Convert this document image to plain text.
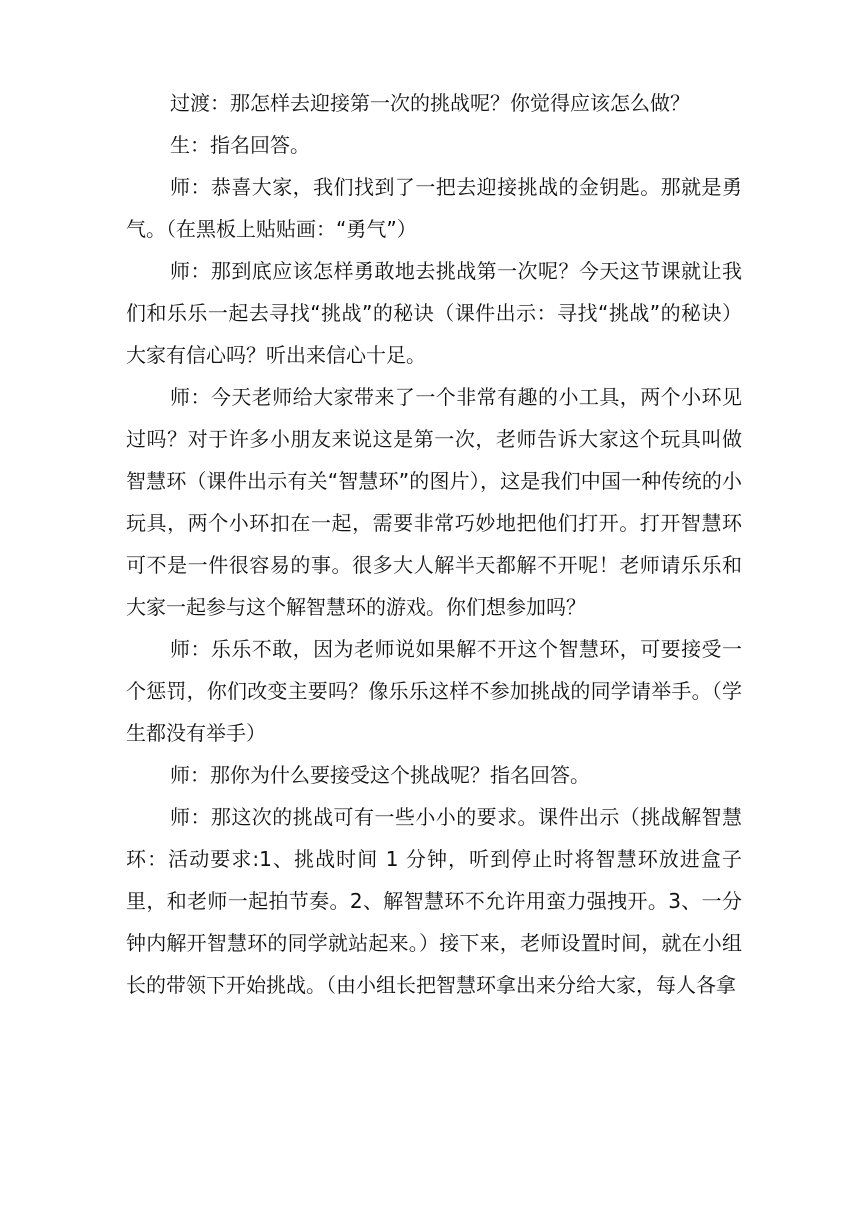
过渡：那怎样去迎接第一次的挑战呢？你觉得应该怎么做？

生：指名回答。

师：恭喜大家，我们找到了一把去迎接挑战的金钥匙。那就是勇气。（在黑板上贴贴画：“勇气”）

师：那到底应该怎样勇敢地去挑战第一次呢？今天这节课就让我们和乐乐一起去寻找“挑战”的秘诀（课件出示：寻找“挑战”的秘诀）大家有信心吗？听出来信心十足。

师：今天老师给大家带来了一个非常有趣的小工具，两个小环见过吗？对于许多小朋友来说这是第一次，老师告诉大家这个玩具叫做智慧环（课件出示有关“智慧环”的图片），这是我们中国一种传统的小玩具，两个小环扣在一起，需要非常巧妙地把他们打开。打开智慧环可不是一件很容易的事。很多大人解半天都解不开呢！老师请乐乐和大家一起参与这个解智慧环的游戏。你们想参加吗？

师：乐乐不敢，因为老师说如果解不开这个智慧环，可要接受一个惩罚，你们改变主要吗？像乐乐这样不参加挑战的同学请举手。（学生都没有举手）

师：那你为什么要接受这个挑战呢？指名回答。

师：那这次的挑战可有一些小小的要求。课件出示（挑战解智慧环：活动要求:1、挑战时间 1 分钟，听到停止时将智慧环放进盒子里，和老师一起拍节奏。2、解智慧环不允许用蛮力强拽开。3、一分钟内解开智慧环的同学就站起来。）接下来，老师设置时间，就在小组长的带领下开始挑战。（由小组长把智慧环拿出来分给大家，每人各拿
